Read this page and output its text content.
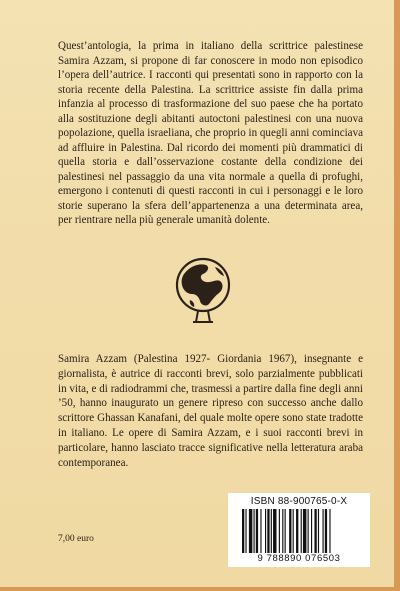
Quest’antologia, la prima in italiano della scrittrice palestinese Samira Azzam, si propone di far conoscere in modo non episodico l’opera dell’autrice. I racconti qui presentati sono in rapporto con la storia recente della Palestina. La scrittrice assiste fin dalla prima infanzia al processo di trasformazione del suo paese che ha portato alla sostituzione degli abitanti autoctoni palestinesi con una nuova popolazione, quella israeliana, che proprio in quegli anni cominciava ad affluire in Palestina. Dal ricordo dei momenti più drammatici di quella storia e dall’osservazione costante della condizione dei palestinesi nel passaggio da una vita normale a quella di profughi, emergono i contenuti di questi racconti in cui i personaggi e le loro storie superano la sfera dell’appartenenza a una determinata area, per rientrare nella più generale umanità dolente.

Samira Azzam (Palestina 1927- Giordania 1967), insegnante e giornalista, è autrice di racconti brevi, solo parzialmente pubblicati in vita, e di radiodrammi che, trasmessi a partire dalla fine degli anni ’50, hanno inaugurato un genere ripreso con successo anche dallo scrittore Ghassan Kanafani, del quale molte opere sono state tradotte in italiano. Le opere di Samira Azzam, e i suoi racconti brevi in particolare, hanno lasciato tracce significative nella letteratura araba contemporanea.

7,00 euro
ISBN 88-900765-0-X
9 788890 076503
